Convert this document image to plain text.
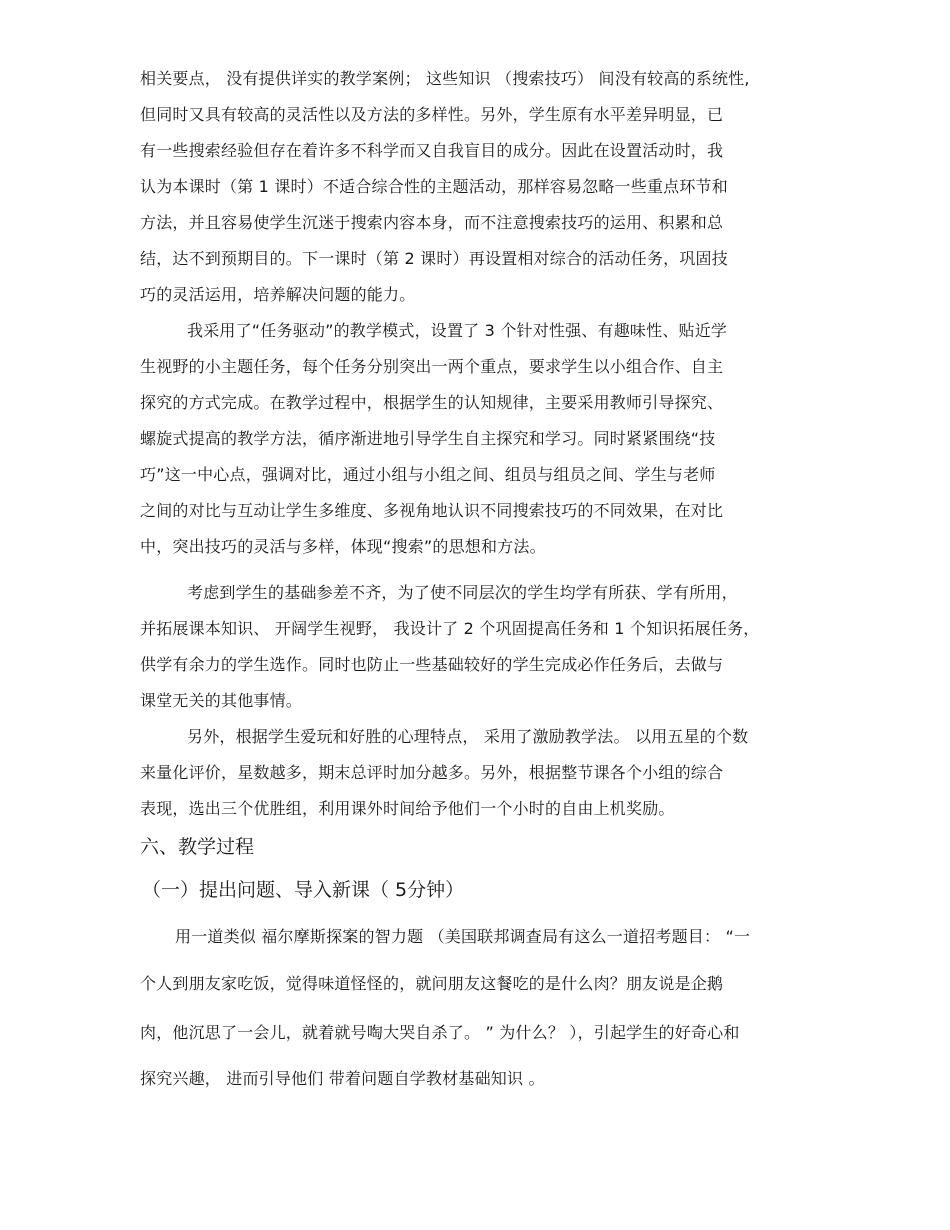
相关要点， 没有提供详实的教学案例； 这些知识 （搜索技巧） 间没有较高的系统性,
但同时又具有较高的灵活性以及方法的多样性。另外，学生原有水平差异明显，已
有一些搜索经验但存在着许多不科学而又自我盲目的成分。因此在设置活动时，我
认为本课时（第 1 课时）不适合综合性的主题活动，那样容易忽略一些重点环节和
方法，并且容易使学生沉迷于搜索内容本身，而不注意搜索技巧的运用、积累和总
结，达不到预期目的。下一课时（第 2 课时）再设置相对综合的活动任务，巩固技
巧的灵活运用，培养解决问题的能力。
我采用了“任务驱动”的教学模式，设置了 3 个针对性强、有趣味性、贴近学
生视野的小主题任务，每个任务分别突出一两个重点，要求学生以小组合作、自主
探究的方式完成。在教学过程中，根据学生的认知规律，主要采用教师引导探究、
螺旋式提高的教学方法，循序渐进地引导学生自主探究和学习。同时紧紧围绕“技
巧”这一中心点，强调对比，通过小组与小组之间、组员与组员之间、学生与老师
之间的对比与互动让学生多维度、多视角地认识不同搜索技巧的不同效果，在对比
中，突出技巧的灵活与多样，体现“搜索”的思想和方法。
考虑到学生的基础参差不齐，为了使不同层次的学生均学有所获、学有所用，
并拓展课本知识、 开阔学生视野， 我设计了 2 个巩固提高任务和 1 个知识拓展任务，
供学有余力的学生选作。同时也防止一些基础较好的学生完成必作任务后，去做与
课堂无关的其他事情。
另外，根据学生爱玩和好胜的心理特点， 采用了激励教学法。 以用五星的个数
来量化评价，星数越多，期末总评时加分越多。另外，根据整节课各个小组的综合
表现，选出三个优胜组，利用课外时间给予他们一个小时的自由上机奖励。
六、教学过程
（一）提出问题、导入新课（ 5分钟）
用一道类似 福尔摩斯探案的智力题 （美国联邦调查局有这么一道招考题目： “一
个人到朋友家吃饭，觉得味道怪怪的，就问朋友这餐吃的是什么肉？朋友说是企鹅
肉，他沉思了一会儿，就着就号啕大哭自杀了。 ” 为什么？ ），引起学生的好奇心和
探究兴趣， 进而引导他们 带着问题自学教材基础知识 。
